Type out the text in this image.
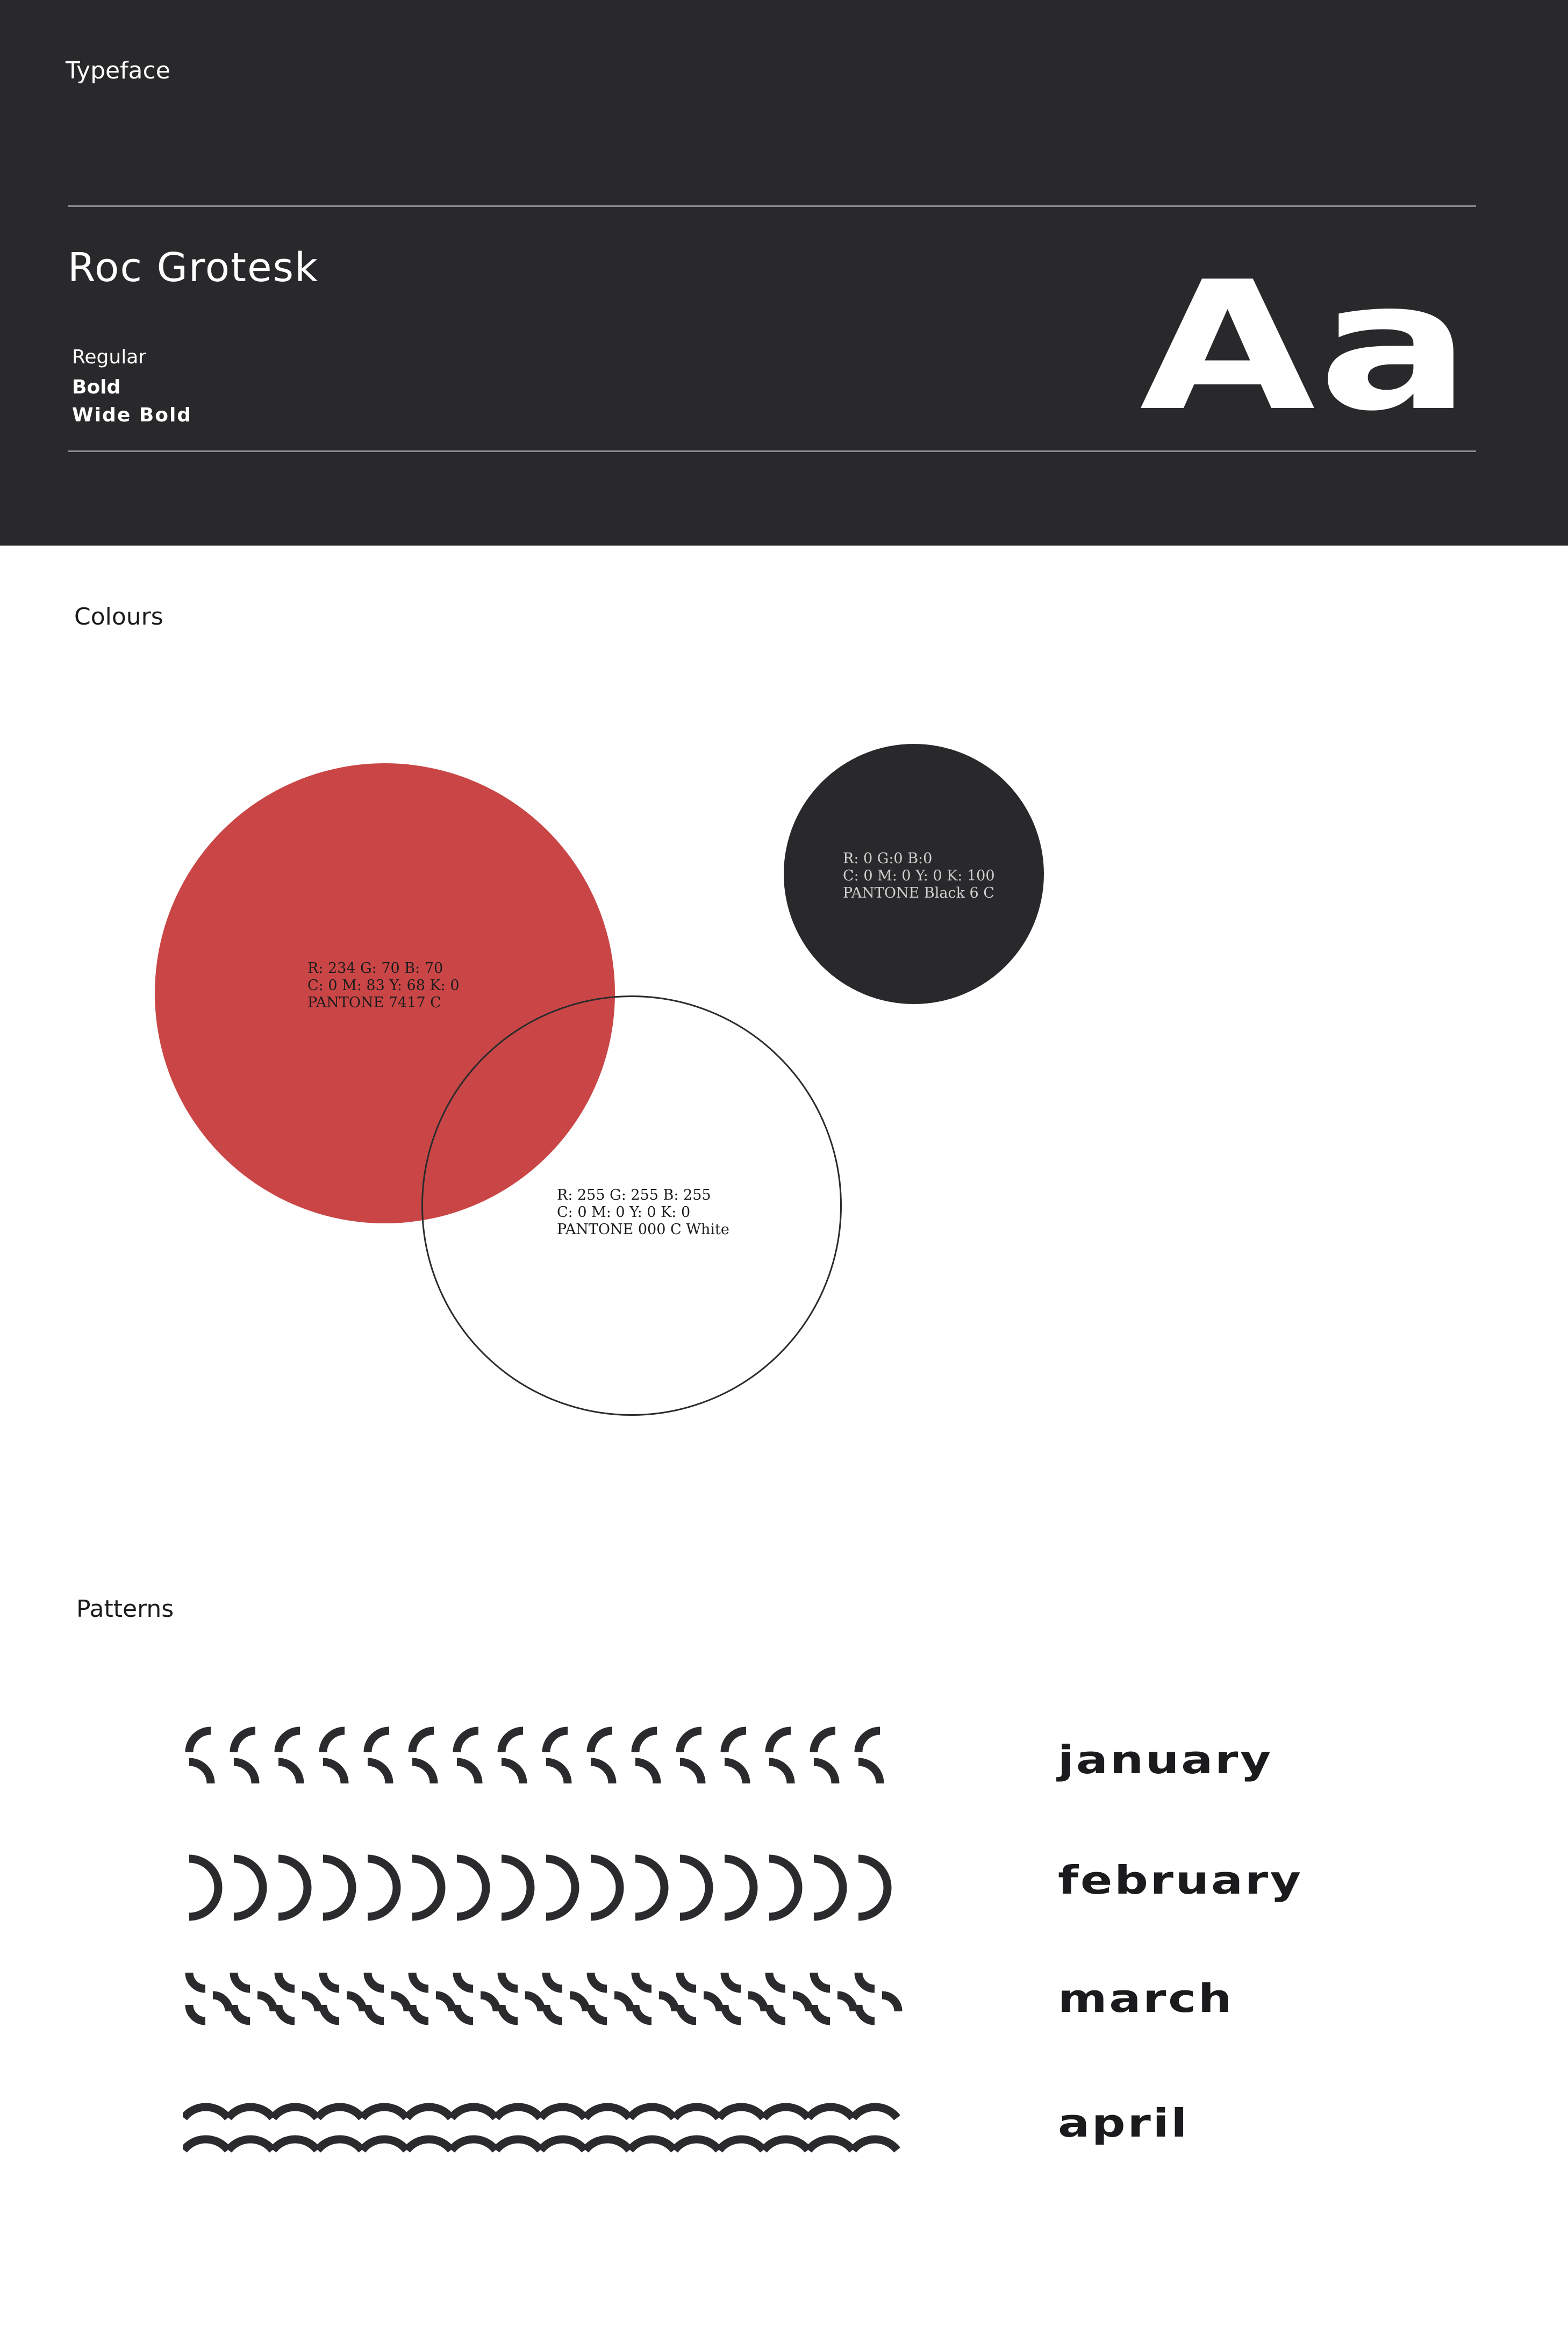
Typeface
Roc Grotesk
Regular
Bold
Wide Bold	Aa
Colours
R: 234 G: 70 B: 70
C: 0 M: 83 Y: 68 K: 0
PANTONE 7417 C
R: 0 G:0 B:0
C: 0 M: 0 Y: 0 K: 100
PANTONE Black 6 C
R: 255 G: 255 B: 255
C: 0 M: 0 Y: 0 K: 0
PANTONE 000 C White
Patterns
january
february
march
april
